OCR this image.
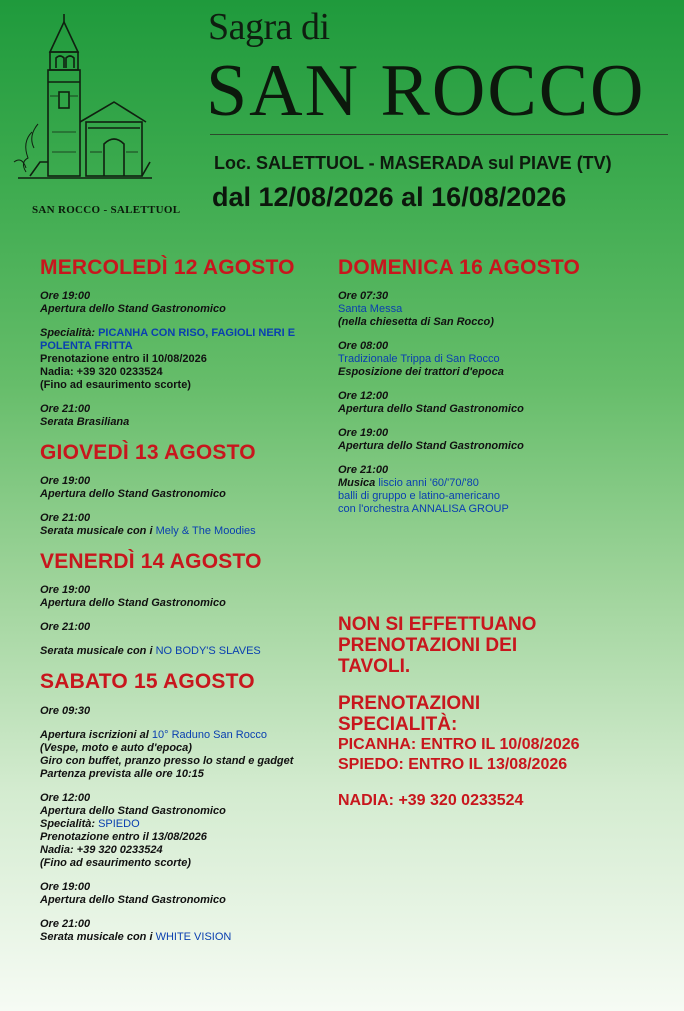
SAN ROCCO - SALETTUOL
Sagra di
SAN ROCCO
Loc. SALETTUOL - MASERADA sul PIAVE (TV)
dal 12/08/2026 al 16/08/2026
MERCOLEDÌ 12 AGOSTO
Ore 19:00
Apertura dello Stand Gastronomico
Specialità: PICANHA CON RISO, FAGIOLI NERI E
POLENTA FRITTA
Prenotazione entro il 10/08/2026
Nadia: +39 320 0233524
(Fino ad esaurimento scorte)
Ore 21:00
Serata Brasiliana
GIOVEDÌ 13 AGOSTO
Ore 19:00
Apertura dello Stand Gastronomico
Ore 21:00
Serata musicale con i Mely & The Moodies
VENERDÌ 14 AGOSTO
Ore 19:00
Apertura dello Stand Gastronomico
Ore 21:00
Serata musicale con i NO BODY'S SLAVES
SABATO 15 AGOSTO
Ore 09:30
Apertura iscrizioni al 10° Raduno San Rocco
(Vespe, moto e auto d'epoca)
Giro con buffet, pranzo presso lo stand e gadget
Partenza prevista alle ore 10:15
Ore 12:00
Apertura dello Stand Gastronomico
Specialità: SPIEDO
Prenotazione entro il 13/08/2026
Nadia: +39 320 0233524
(Fino ad esaurimento scorte)
Ore 19:00
Apertura dello Stand Gastronomico
Ore 21:00
Serata musicale con i WHITE VISION
DOMENICA 16 AGOSTO
Ore 07:30
Santa Messa
(nella chiesetta di San Rocco)
Ore 08:00
Tradizionale Trippa di San Rocco
Esposizione dei trattori d'epoca
Ore 12:00
Apertura dello Stand Gastronomico
Ore 19:00
Apertura dello Stand Gastronomico
Ore 21:00
Musica liscio anni '60/'70/'80
balli di gruppo e latino-americano
con l'orchestra ANNALISA GROUP
NON SI EFFETTUANO
PRENOTAZIONI DEI
TAVOLI.
PRENOTAZIONI
SPECIALITÀ:
PICANHA: ENTRO IL 10/08/2026
SPIEDO: ENTRO IL 13/08/2026
NADIA: +39 320 0233524
